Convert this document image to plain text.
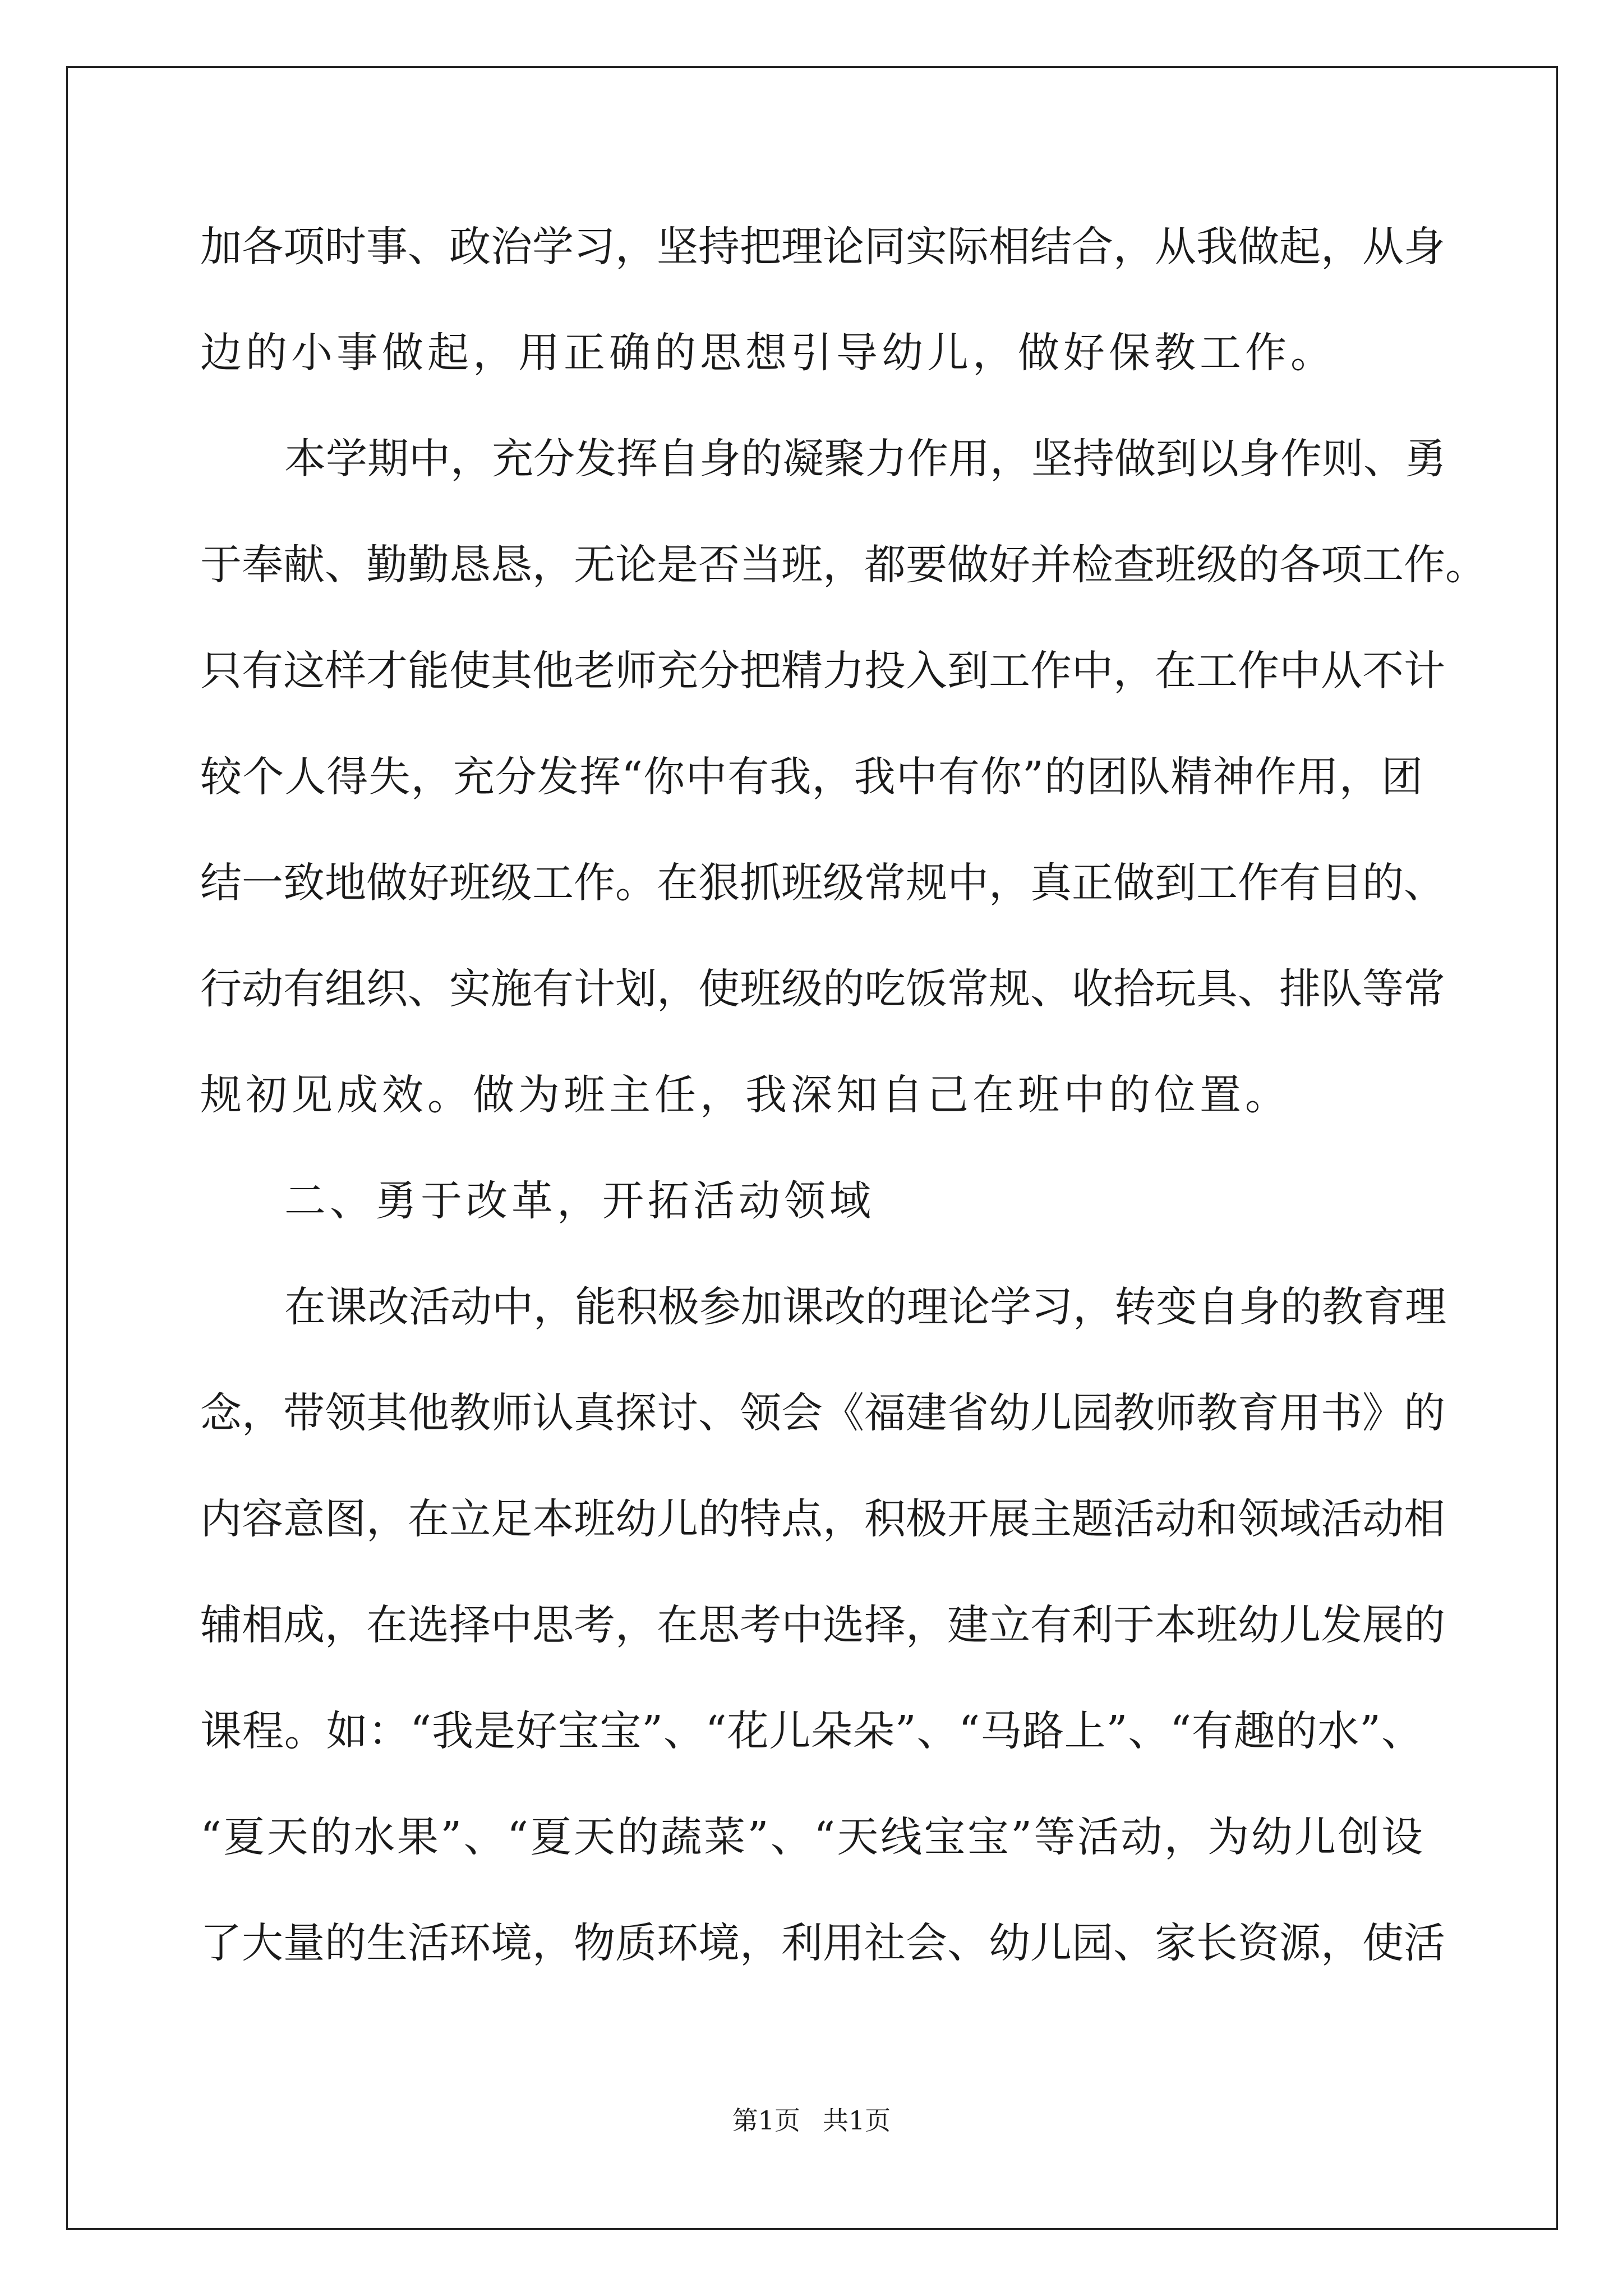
加各项时事、政治学习，坚持把理论同实际相结合，从我做起，从身
边的小事做起，用正确的思想引导幼儿，做好保教工作。
本学期中，充分发挥自身的凝聚力作用，坚持做到以身作则、勇
于奉献、勤勤恳恳，无论是否当班，都要做好并检查班级的各项工作。
只有这样才能使其他老师充分把精力投入到工作中，在工作中从不计
较个人得失，充分发挥“你中有我，我中有你”的团队精神作用，团
结一致地做好班级工作。在狠抓班级常规中，真正做到工作有目的、
行动有组织、实施有计划，使班级的吃饭常规、收拾玩具、排队等常
规初见成效。做为班主任，我深知自己在班中的位置。
二、勇于改革，开拓活动领域
在课改活动中，能积极参加课改的理论学习，转变自身的教育理
念，带领其他教师认真探讨、领会《福建省幼儿园教师教育用书》的
内容意图，在立足本班幼儿的特点，积极开展主题活动和领域活动相
辅相成，在选择中思考，在思考中选择，建立有利于本班幼儿发展的
课程。如：“我是好宝宝”、“花儿朵朵”、“马路上”、“有趣的水”、
“夏天的水果”、“夏天的蔬菜”、“天线宝宝”等活动，为幼儿创设
了大量的生活环境，物质环境，利用社会、幼儿园、家长资源，使活
第1页 共1页
